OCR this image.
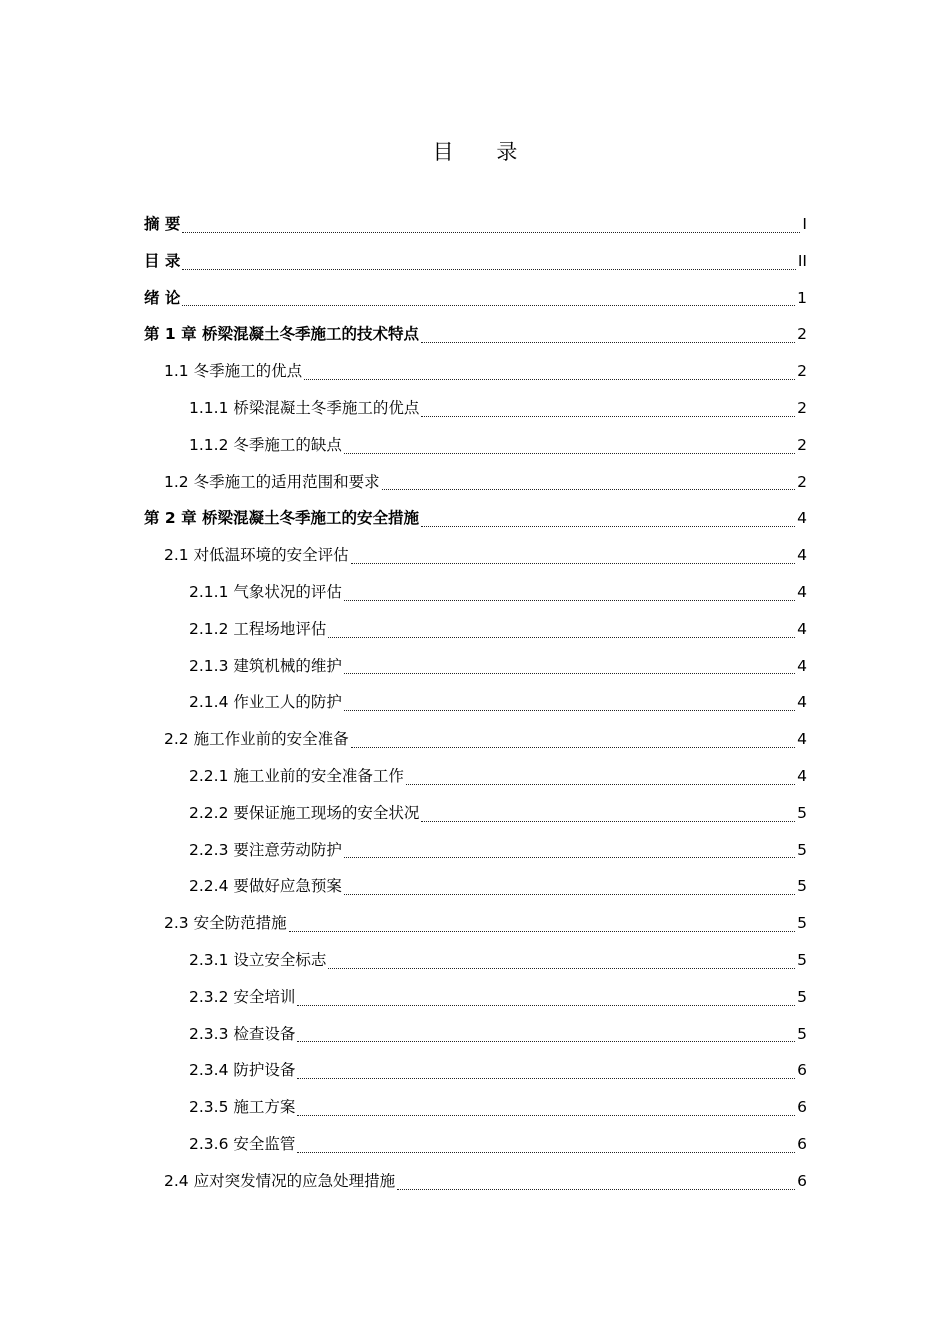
目 录
摘 要	I
目 录	II
绪 论	1
第 1 章 桥梁混凝土冬季施工的技术特点	2
1.1 冬季施工的优点	2
1.1.1 桥梁混凝土冬季施工的优点	2
1.1.2 冬季施工的缺点	2
1.2 冬季施工的适用范围和要求	2
第 2 章 桥梁混凝土冬季施工的安全措施	4
2.1 对低温环境的安全评估	4
2.1.1 气象状况的评估	4
2.1.2 工程场地评估	4
2.1.3 建筑机械的维护	4
2.1.4 作业工人的防护	4
2.2 施工作业前的安全准备	4
2.2.1 施工业前的安全准备工作	4
2.2.2 要保证施工现场的安全状况	5
2.2.3 要注意劳动防护	5
2.2.4 要做好应急预案	5
2.3 安全防范措施	5
2.3.1 设立安全标志	5
2.3.2 安全培训	5
2.3.3 检查设备	5
2.3.4 防护设备	6
2.3.5 施工方案	6
2.3.6 安全监管	6
2.4 应对突发情况的应急处理措施	6
